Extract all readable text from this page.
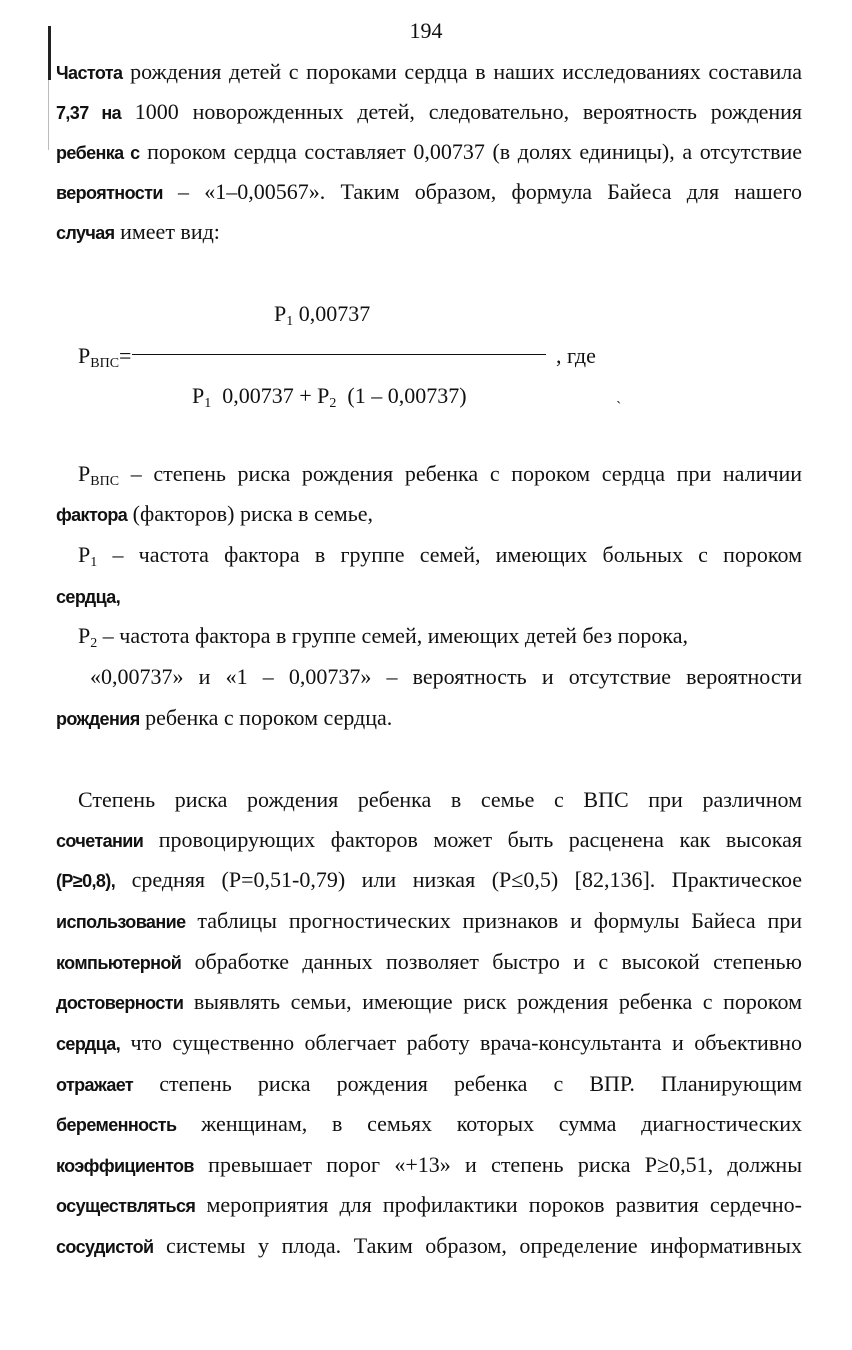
194
Частота рождения детей с пороками сердца в наших исследованиях составила
7,37 на 1000 новорожденных детей, следовательно, вероятность рождения
ребенка с пороком сердца составляет 0,00737 (в долях единицы), а отсутствие
вероятности – «1–0,00567». Таким образом, формула Байеса для нашего
случая имеет вид:
$P_1$ 0,00737
$P_{ВПС}=$	, где
$P_1$  $0,00737 + P_2$  (1 – 0,00737)	˴
$P_{ВПС}$ – степень риска рождения ребенка с пороком сердца при наличии
фактора (факторов) риска в семье,
$P_1$ – частота фактора в группе семей, имеющих больных с пороком
сердца,
$P_2$ – частота фактора в группе семей, имеющих детей без порока,
«0,00737» и «1 – 0,00737» – вероятность и отсутствие вероятности
рождения ребенка с пороком сердца.
Степень риска рождения ребенка в семье с ВПС при различном
сочетании провоцирующих факторов может быть расценена как высокая
(P≥0,8), средняя (P=0,51-0,79) или низкая (P≤0,5) [82,136]. Практическое
использование таблицы прогностических признаков и формулы Байеса при
компьютерной обработке данных позволяет быстро и с высокой степенью
достоверности выявлять семьи, имеющие риск рождения ребенка с пороком
сердца, что существенно облегчает работу врача-консультанта и объективно
отражает степень риска рождения ребенка с ВПР. Планирующим
беременность женщинам, в семьях которых сумма диагностических
коэффициентов превышает порог «+13» и степень риска P≥0,51, должны
осуществляться мероприятия для профилактики пороков развития сердечно-
сосудистой системы у плода. Таким образом, определение информативных
